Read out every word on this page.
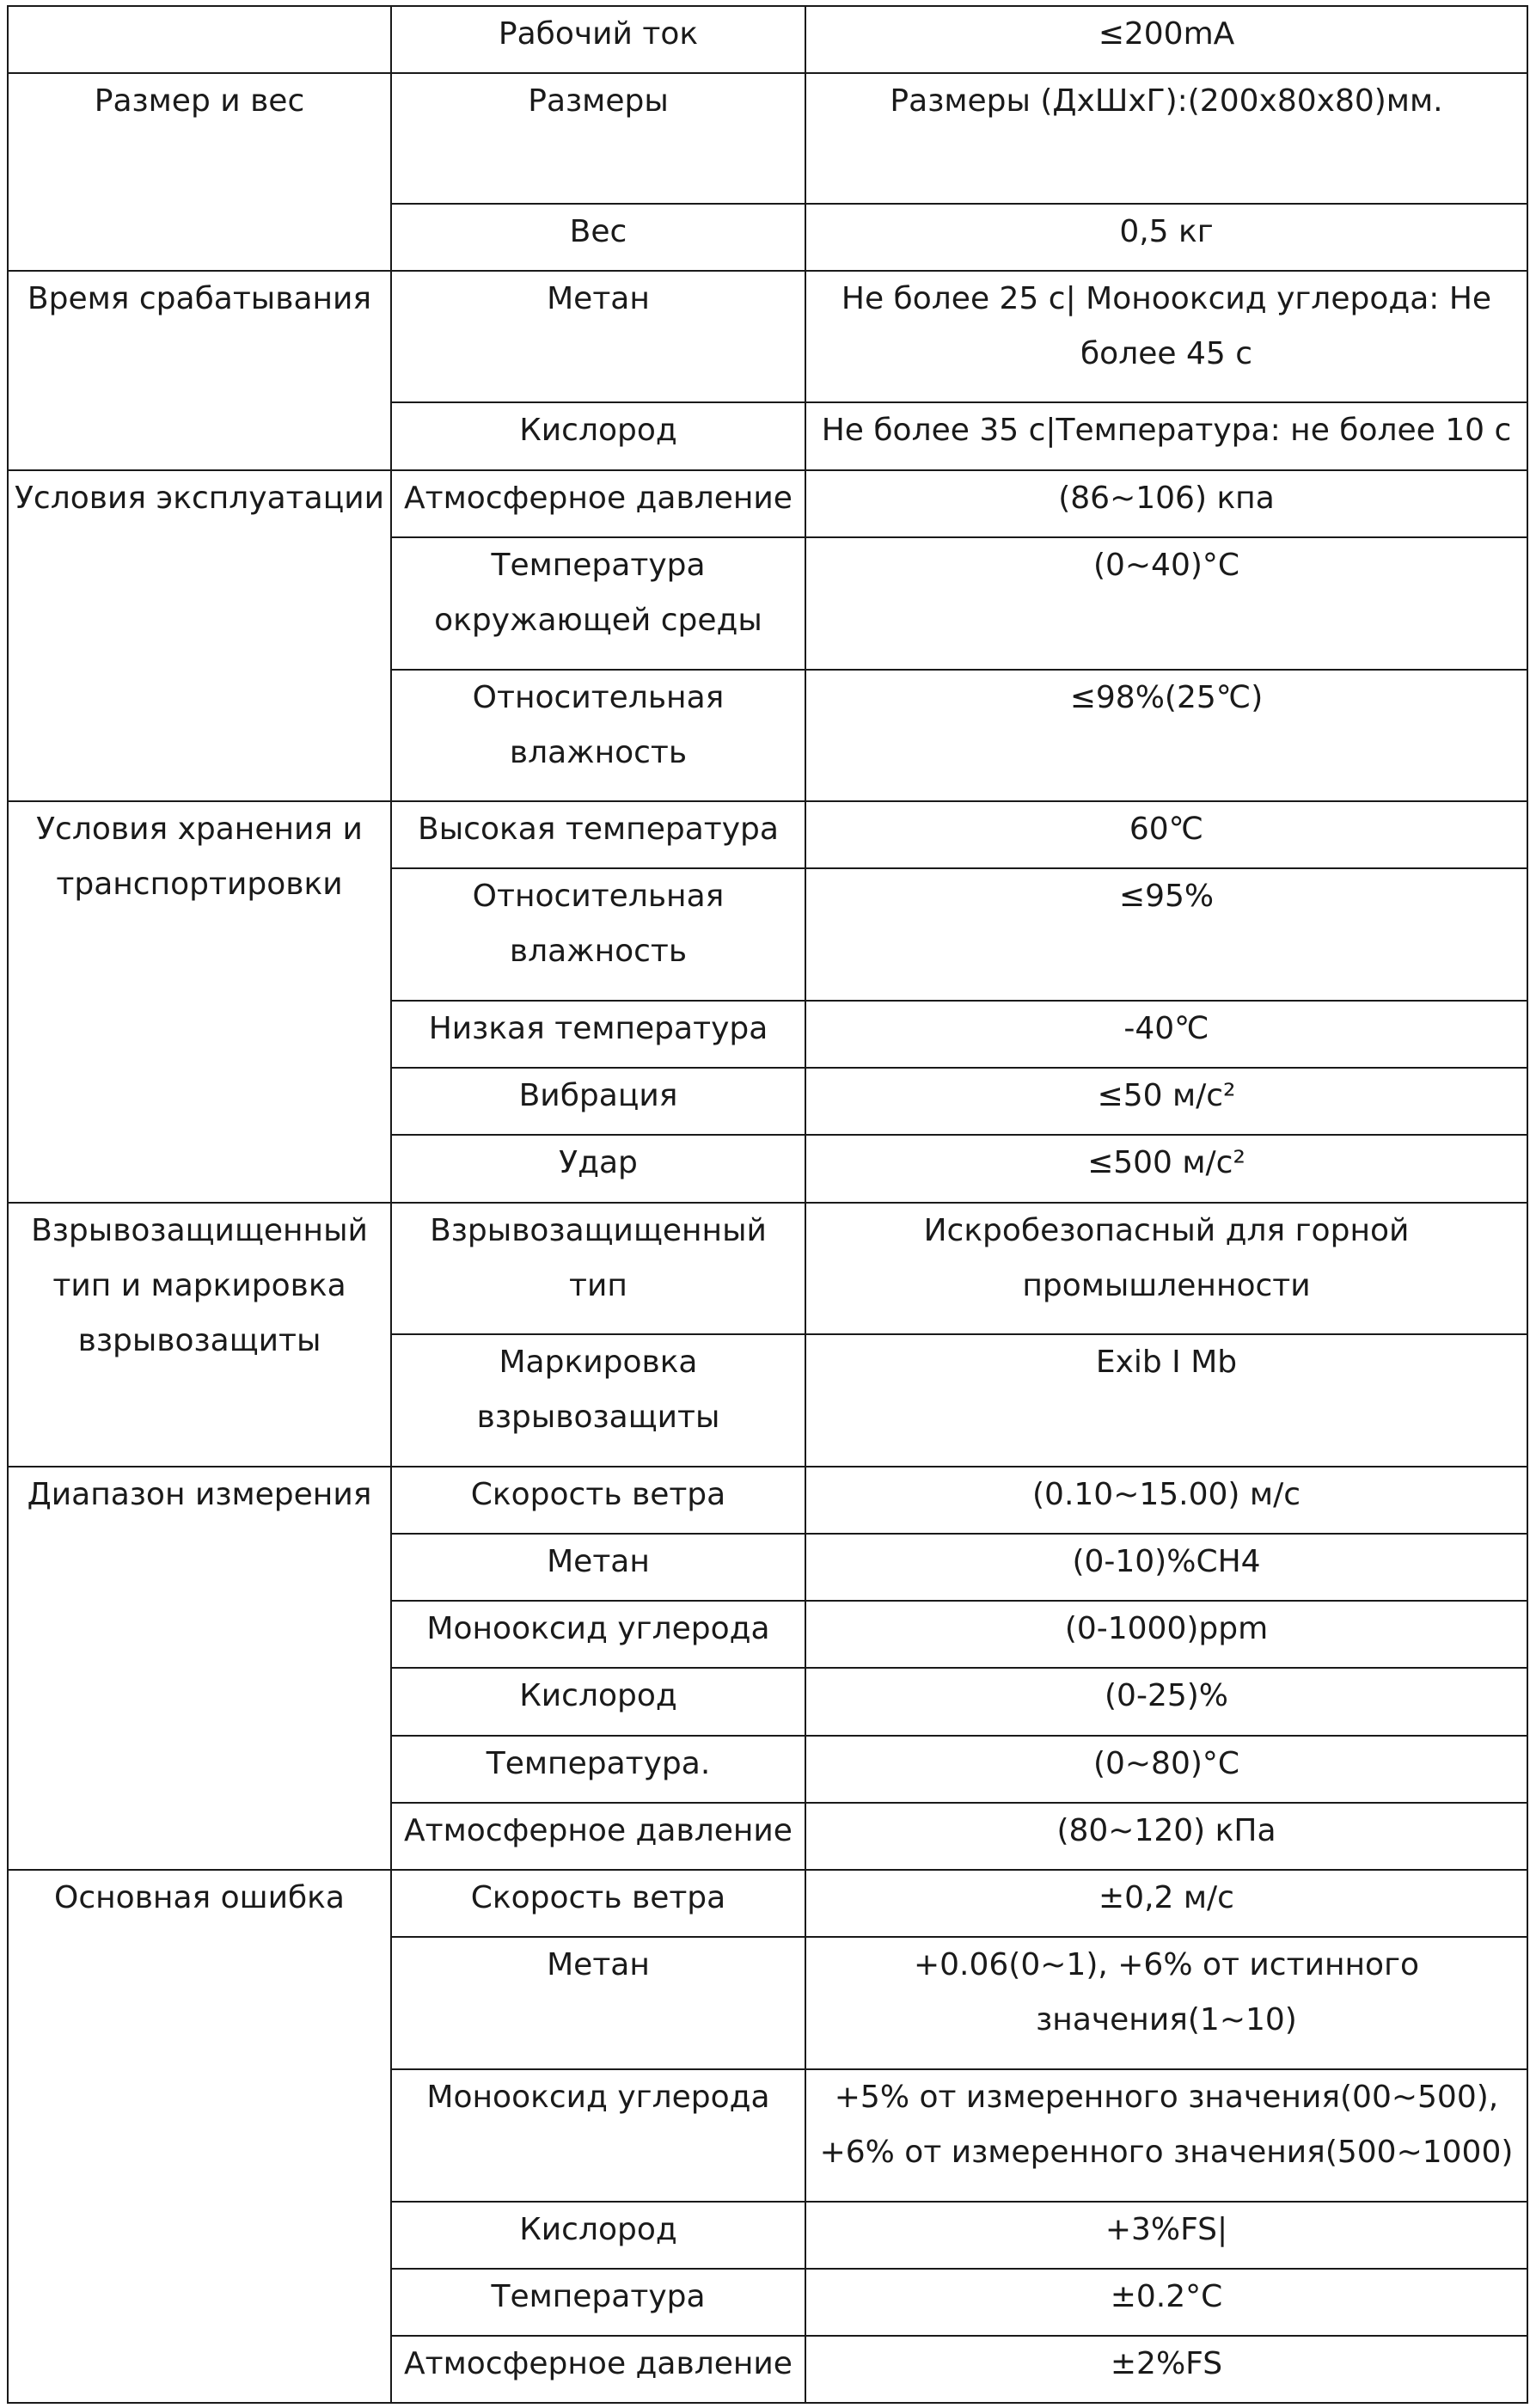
	Рабочий ток	≤200mA
Размер и вес	Размеры	Размеры (ДхШхГ):(200x80x80)мм.
	Вес	0,5 кг
Время срабатывания	Метан	Не более 25 с| Монооксид углерода: Не более 45 с
	Кислород	Не более 35 с|Температура: не более 10 с
Условия эксплуатации	Атмосферное давление	(86~106) кпа
	Температура окружающей среды	(0~40)°C
	Относительная влажность	≤98%(25℃)
Условия хранения и транспортировки	Высокая температура	60℃
	Относительная влажность	≤95%
	Низкая температура	-40℃
	Вибрация	≤50 м/с²
	Удар	≤500 м/с²
Взрывозащищенный тип и маркировка взрывозащиты	Взрывозащищенный тип	Искробезопасный для горной промышленности
	Маркировка взрывозащиты	Exib I Mb
Диапазон измерения	Скорость ветра	(0.10~15.00) м/с
	Метан	(0-10)%CH4
	Монооксид углерода	(0-1000)ppm
	Кислород	(0-25)%
	Температура.	(0~80)°C
	Атмосферное давление	(80~120) кПа
Основная ошибка	Скорость ветра	±0,2 м/с
	Метан	+0.06(0~1), +6% от истинного значения(1~10)
	Монооксид углерода	+5% от измеренного значения(00~500), +6% от измеренного значения(500~1000)
	Кислород	+3%FS|
	Температура	±0.2°C
	Атмосферное давление	±2%FS
